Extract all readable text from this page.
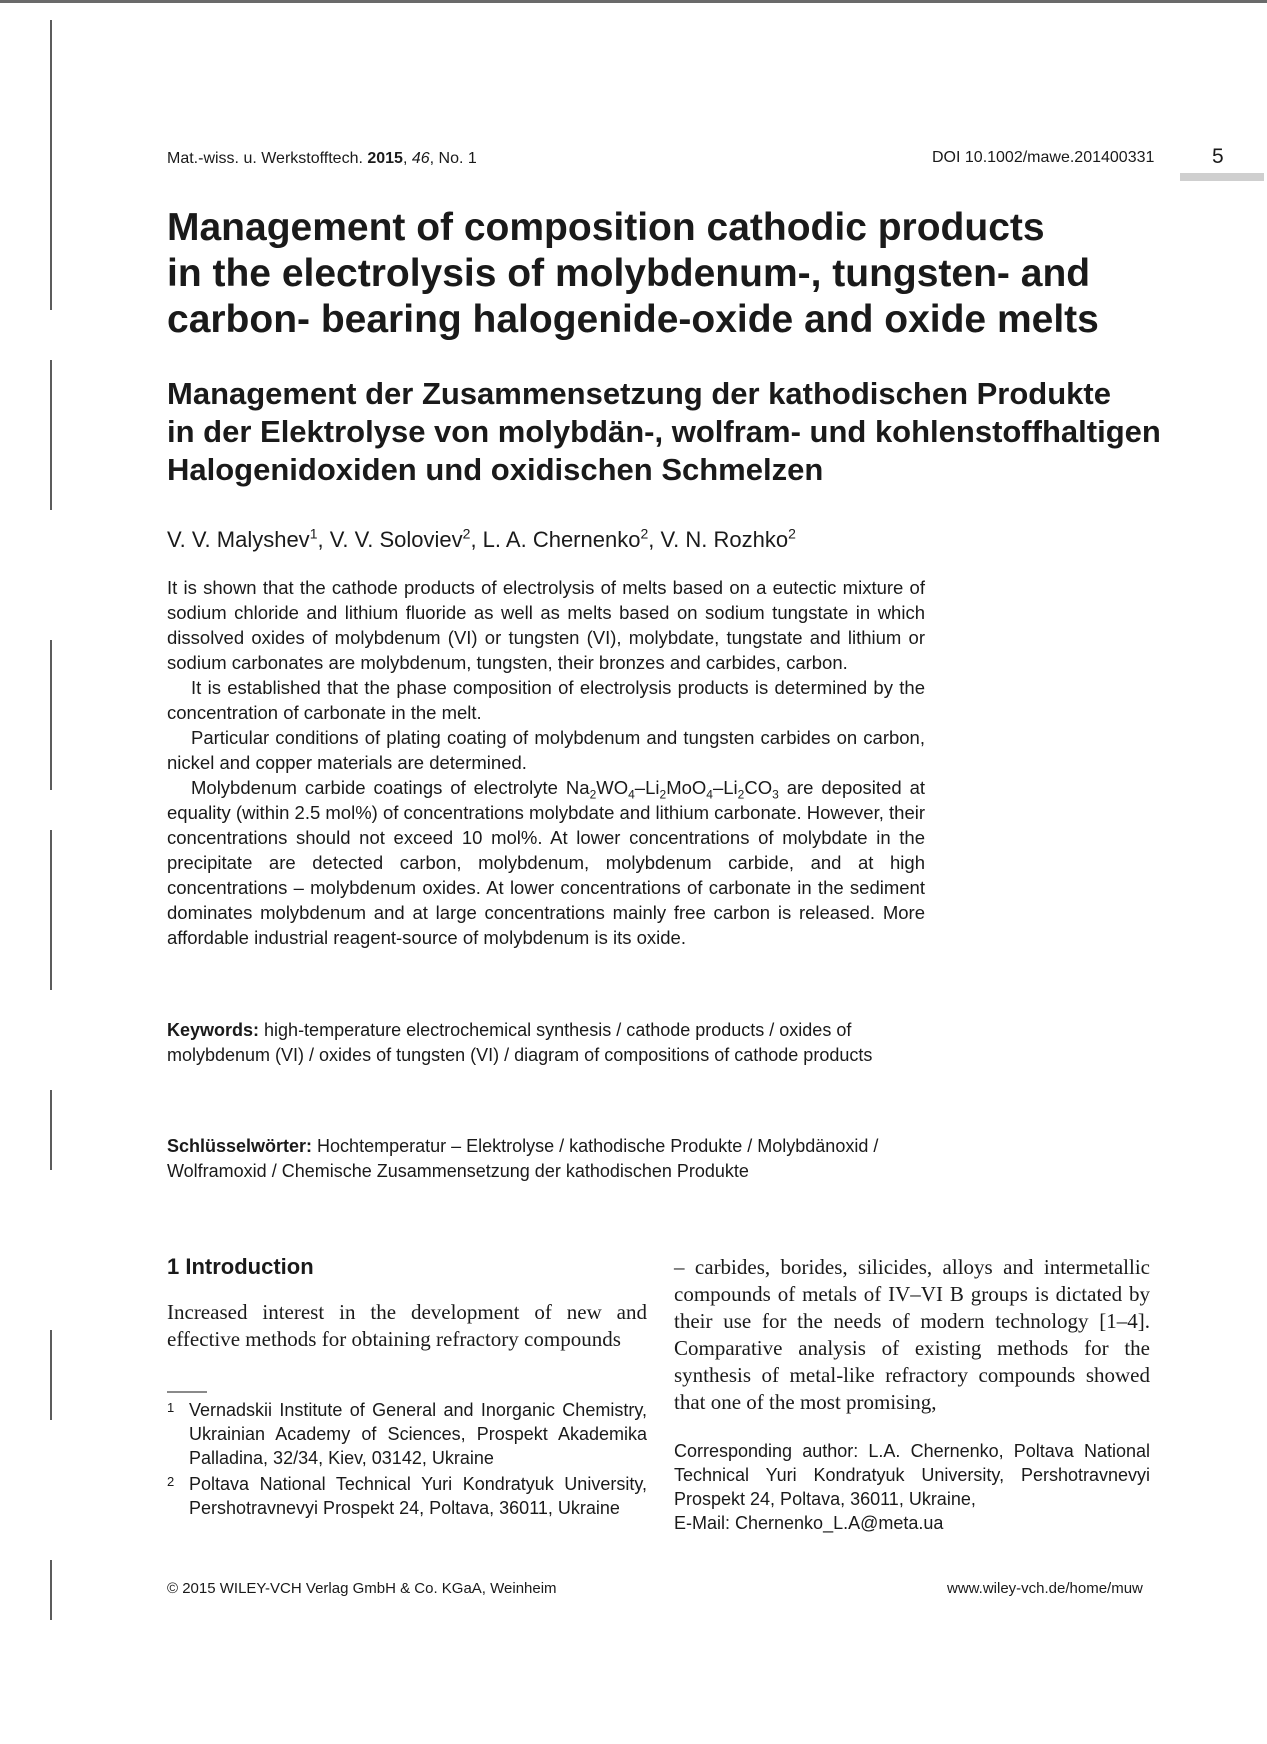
Mat.-wiss. u. Werkstofftech. 2015, 46, No. 1	DOI 10.1002/mawe.201400331	5
Management of composition cathodic products
in the electrolysis of molybdenum-, tungsten- and
carbon- bearing halogenide-oxide and oxide melts
Management der Zusammensetzung der kathodischen Produkte
in der Elektrolyse von molybdän-, wolfram- und kohlenstoffhaltigen
Halogenidoxiden und oxidischen Schmelzen
V. V. Malyshev$^1$, V. V. Soloviev$^2$, L. A. Chernenko$^2$, V. N. Rozhko$^2$

It is shown that the cathode products of electrolysis of melts based on a eutectic mixture of sodium chloride and lithium fluoride as well as melts based on sodium tungstate in which dissolved oxides of molybdenum (VI) or tungsten (VI), molybdate, tungstate and lithium or sodium carbonates are molybdenum, tungsten, their bronzes and carbides, carbon.

It is established that the phase composition of electrolysis products is determined by the concentration of carbonate in the melt.

Particular conditions of plating coating of molybdenum and tungsten carbides on carbon, nickel and copper materials are determined.

Molybdenum carbide coatings of electrolyte $Na_2WO_4-Li_2MoO_4-Li_2CO_3$ are deposited at equality (within 2.5 mol%) of concentrations molybdate and lithium carbonate. However, their concentrations should not exceed 10 mol%. At lower concentrations of molybdate in the precipitate are detected carbon, molybdenum, molybdenum carbide, and at high concentrations – molybdenum oxides. At lower concentrations of carbonate in the sediment dominates molybdenum and at large concentrations mainly free carbon is released. More affordable industrial reagent-source of molybdenum is its oxide.

Keywords: high-temperature electrochemical synthesis / cathode products / oxides of molybdenum (VI) / oxides of tungsten (VI) / diagram of compositions of cathode products
Schlüsselwörter: Hochtemperatur – Elektrolyse / kathodische Produkte / Molybdänoxid / Wolframoxid / Chemische Zusammensetzung der kathodischen Produkte
1 Introduction

Increased interest in the development of new and effective methods for obtaining refractory compounds

– carbides, borides, silicides, alloys and intermetallic compounds of metals of IV–VI B groups is dictated by their use for the needs of modern technology [1–4]. Comparative analysis of existing methods for the synthesis of metal-like refractory compounds showed that one of the most promising,

1 Vernadskii Institute of General and Inorganic Chemistry, Ukrainian Academy of Sciences, Prospekt Akademika Palladina, 32/34, Kiev, 03142, Ukraine
2 Poltava National Technical Yuri Kondratyuk University, Pershotravnevyi Prospekt 24, Poltava, 36011, Ukraine
Corresponding author: L.A. Chernenko, Poltava National Technical Yuri Kondratyuk University, Pershotravnevyi Prospekt 24, Poltava, 36011, Ukraine,
E-Mail: Chernenko_L.A@meta.ua
© 2015 WILEY-VCH Verlag GmbH & Co. KGaA, Weinheim	www.wiley-vch.de/home/muw
